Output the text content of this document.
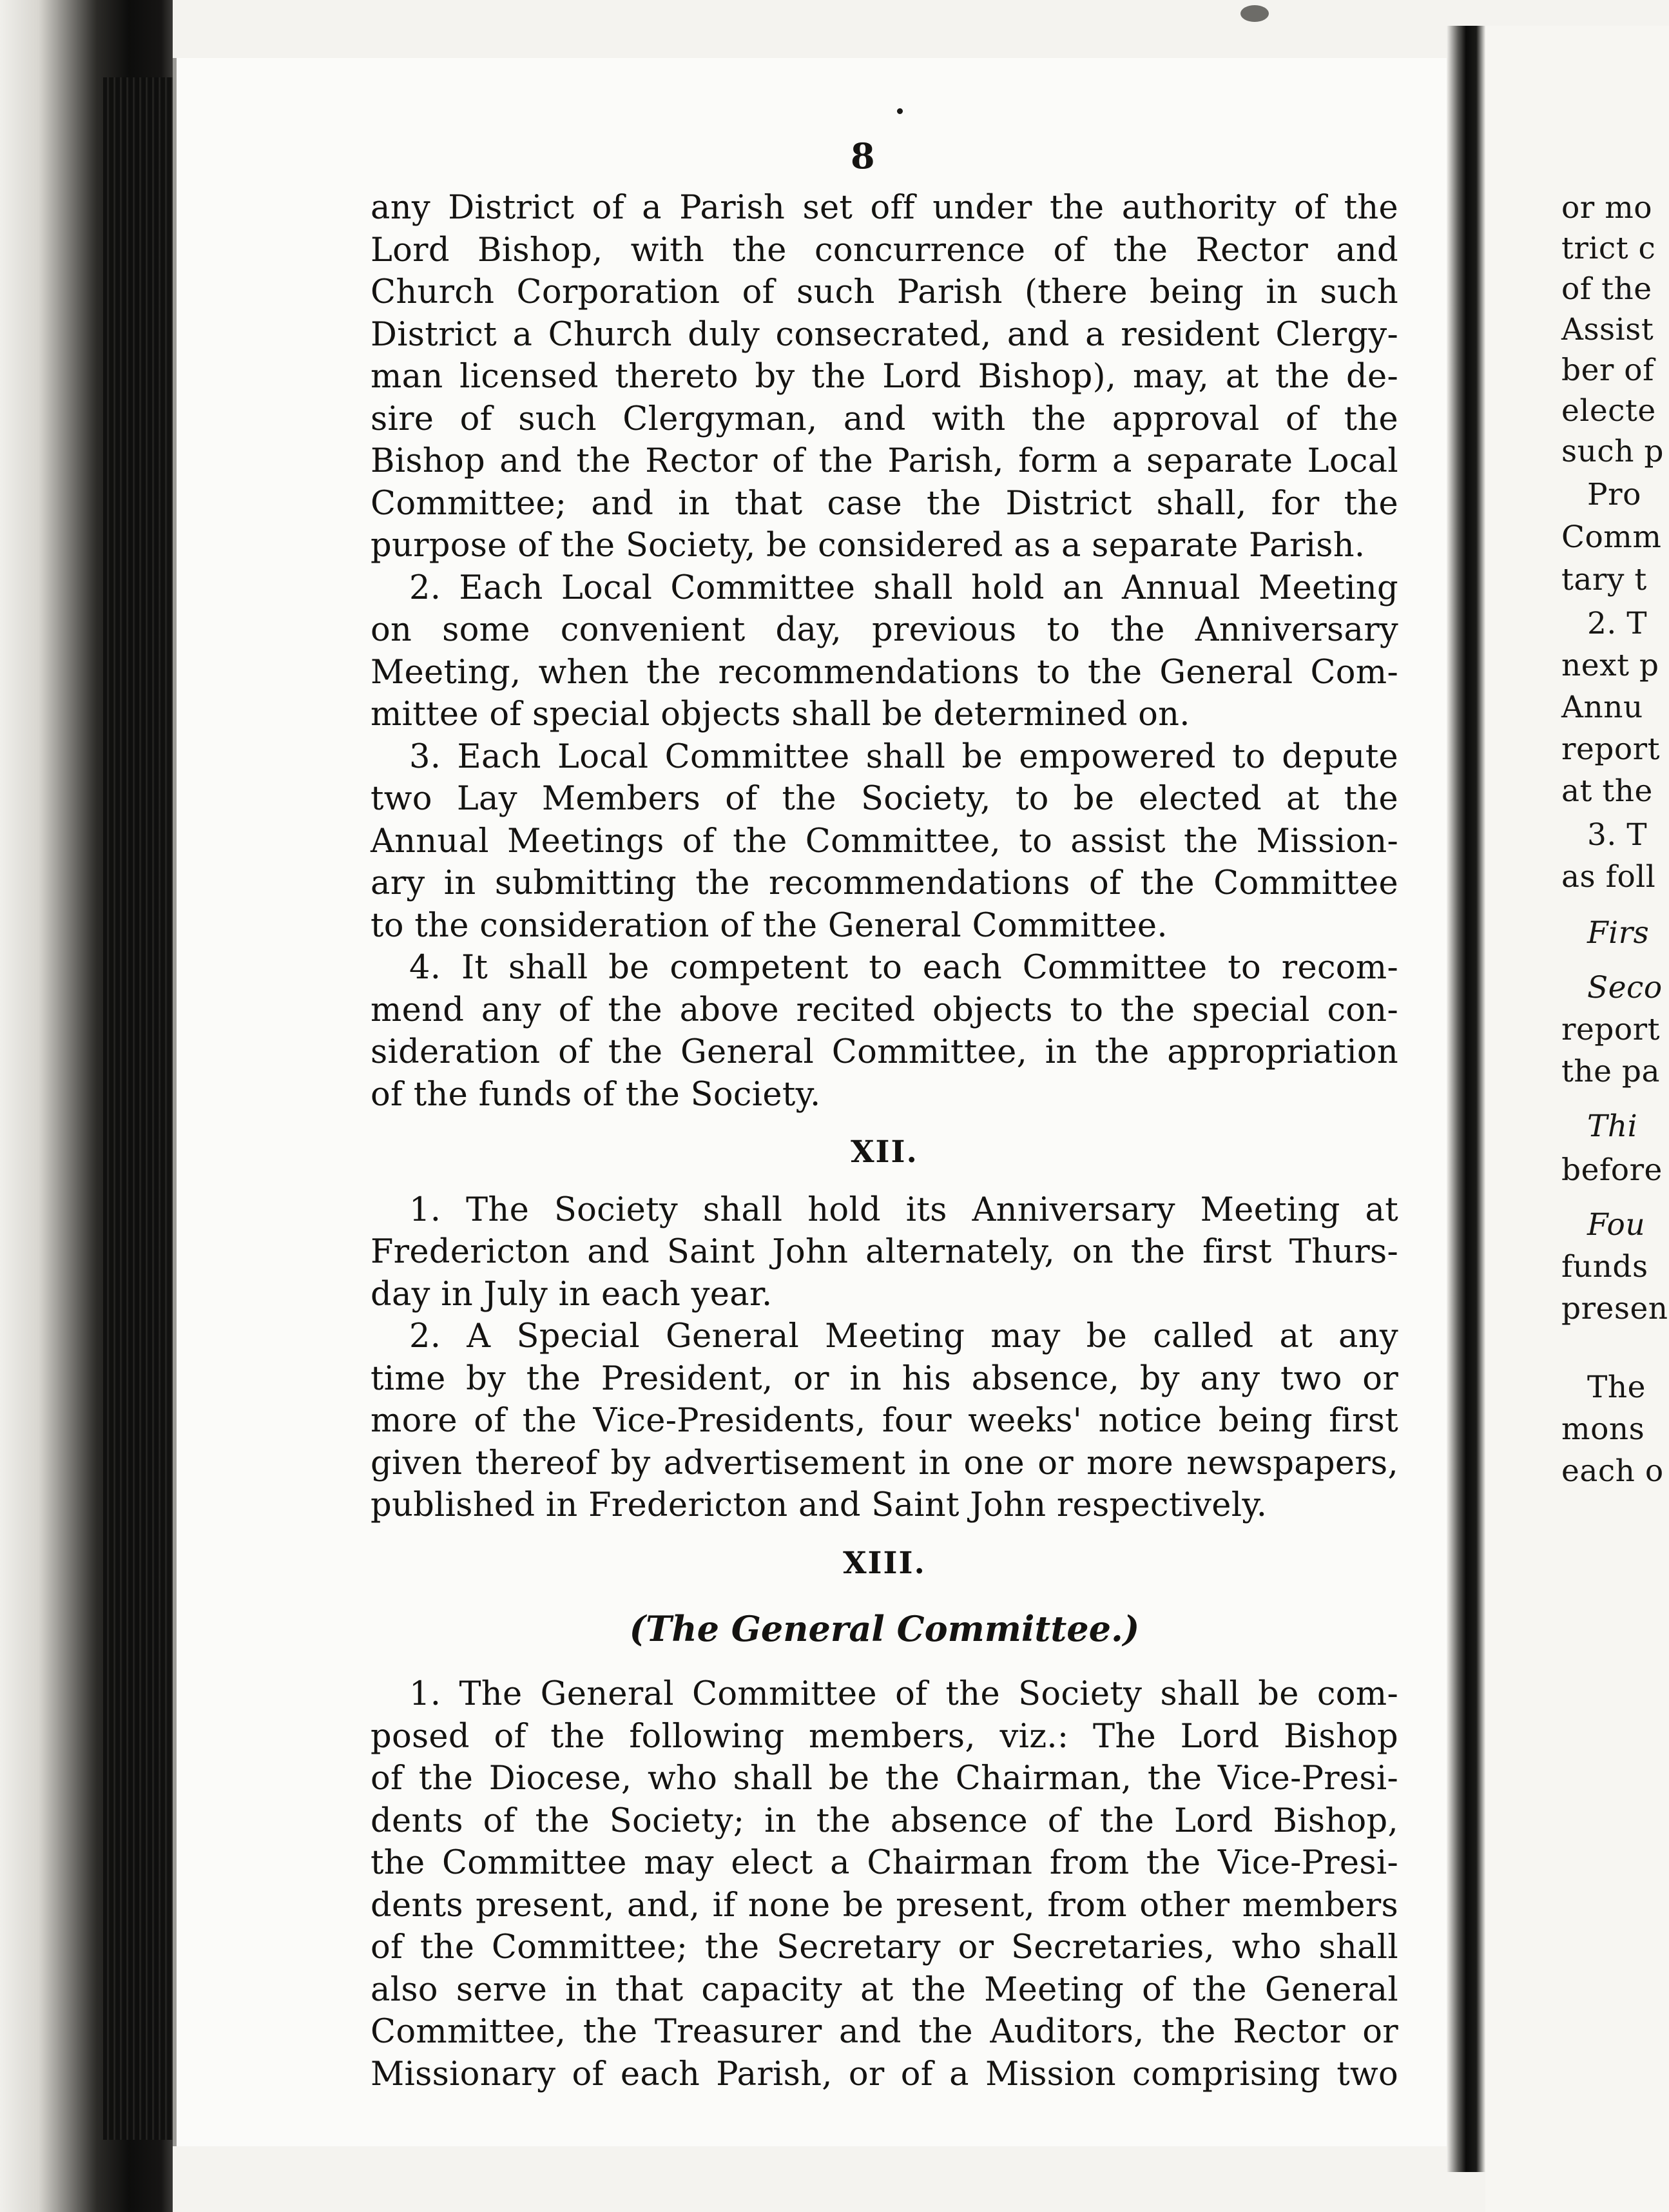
or mo
trict c
of the
Assist
ber of
electe
such p
Pro
Comm
tary t
2. T
next p
Annu
report
at the
3. T
as foll
Firs
Seco
report
the pa
Thi
before
Fou
funds
presen
The
mons
each o
8
any District of a Parish set off under the authority of the
Lord Bishop, with the concurrence of the Rector and
Church Corporation of such Parish (there being in such
District a Church duly consecrated, and a resident Clergy-
man licensed thereto by the Lord Bishop), may, at the de-
sire of such Clergyman, and with the approval of the
Bishop and the Rector of the Parish, form a separate Local
Committee; and in that case the District shall, for the
purpose of the Society, be considered as a separate Parish.
2. Each Local Committee shall hold an Annual Meeting
on some convenient day, previous to the Anniversary
Meeting, when the recommendations to the General Com-
mittee of special objects shall be determined on.
3. Each Local Committee shall be empowered to depute
two Lay Members of the Society, to be elected at the
Annual Meetings of the Committee, to assist the Mission-
ary in submitting the recommendations of the Committee
to the consideration of the General Committee.
4. It shall be competent to each Committee to recom-
mend any of the above recited objects to the special con-
sideration of the General Committee, in the appropriation
of the funds of the Society.
XII.
1. The Society shall hold its Anniversary Meeting at
Fredericton and Saint John alternately, on the first Thurs-
day in July in each year.
2. A Special General Meeting may be called at any
time by the President, or in his absence, by any two or
more of the Vice-Presidents, four weeks' notice being first
given thereof by advertisement in one or more newspapers,
published in Fredericton and Saint John respectively.
XIII.
(The General Committee.)
1. The General Committee of the Society shall be com-
posed of the following members, viz.: The Lord Bishop
of the Diocese, who shall be the Chairman, the Vice-Presi-
dents of the Society; in the absence of the Lord Bishop,
the Committee may elect a Chairman from the Vice-Presi-
dents present, and, if none be present, from other members
of the Committee; the Secretary or Secretaries, who shall
also serve in that capacity at the Meeting of the General
Committee, the Treasurer and the Auditors, the Rector or
Missionary of each Parish, or of a Mission comprising two
